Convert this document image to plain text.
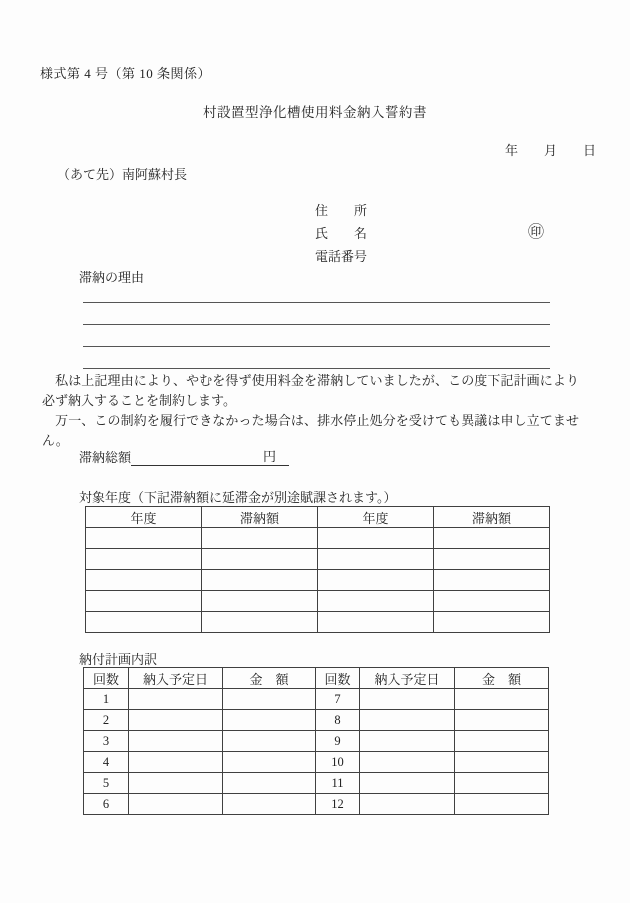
様式第 4 号（第 10 条関係）
村設置型浄化槽使用料金納入誓約書
年　　月　　日
（あて先）南阿蘇村長
住　　所
氏　　名
電話番号
㊞
滞納の理由

　私は上記理由により、やむを得ず使用料金を滞納していましたが、この度下記計画により必ず納入することを制約します。

　万一、この制約を履行できなかった場合は、排水停止処分を受けても異議は申し立てません。

滞納総額	円
対象年度（下記滞納額に延滞金が別途賦課されます。）
年度	滞納額	年度	滞納額

納付計画内訳
回数	納入予定日	金　額	回数	納入予定日	金　額
1			7		
2			8		
3			9		
4			10		
5			11		
6			12		
